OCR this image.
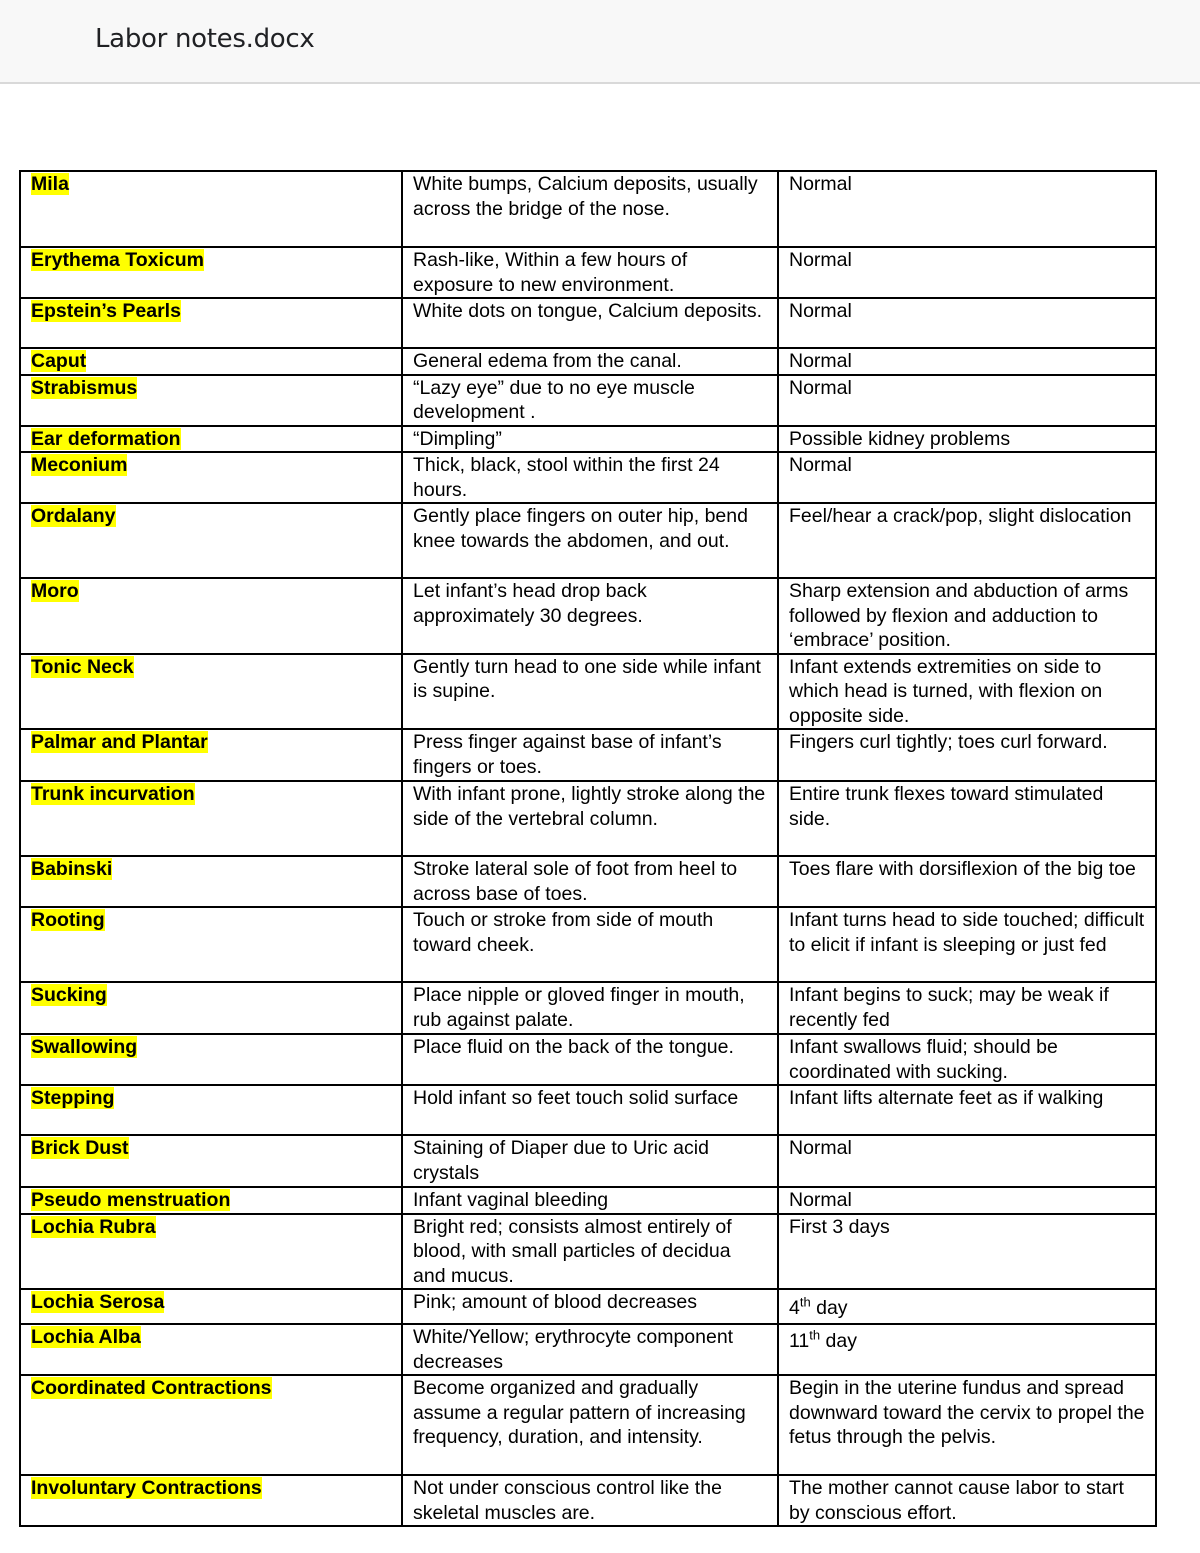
Labor notes.docx
Mila	White bumps, Calcium deposits, usually across the bridge of the nose.	Normal
Erythema Toxicum	Rash-like, Within a few hours of exposure to new environment.	Normal
Epstein’s Pearls	White dots on tongue, Calcium deposits.	Normal
Caput	General edema from the canal.	Normal
Strabismus	“Lazy eye” due to no eye muscle development .	Normal
Ear deformation	“Dimpling”	Possible kidney problems
Meconium	Thick, black, stool within the first 24 hours.	Normal
Ordalany	Gently place fingers on outer hip, bend knee towards the abdomen, and out.	Feel/hear a crack/pop, slight dislocation
Moro	Let infant’s head drop back approximately 30 degrees.	Sharp extension and abduction of arms followed by flexion and adduction to ‘embrace’ position.
Tonic Neck	Gently turn head to one side while infant is supine.	Infant extends extremities on side to which head is turned, with flexion on opposite side.
Palmar and Plantar	Press finger against base of infant’s fingers or toes.	Fingers curl tightly; toes curl forward.
Trunk incurvation	With infant prone, lightly stroke along the side of the vertebral column.	Entire trunk flexes toward stimulated side.
Babinski	Stroke lateral sole of foot from heel to across base of toes.	Toes flare with dorsiflexion of the big toe
Rooting	Touch or stroke from side of mouth toward cheek.	Infant turns head to side touched; difficult to elicit if infant is sleeping or just fed
Sucking	Place nipple or gloved finger in mouth, rub against palate.	Infant begins to suck; may be weak if recently fed
Swallowing	Place fluid on the back of the tongue.	Infant swallows fluid; should be coordinated with sucking.
Stepping	Hold infant so feet touch solid surface	Infant lifts alternate feet as if walking
Brick Dust	Staining of Diaper due to Uric acid crystals	Normal
Pseudo menstruation	Infant vaginal bleeding	Normal
Lochia Rubra	Bright red; consists almost entirely of blood, with small particles of decidua and mucus.	First 3 days
Lochia Serosa	Pink; amount of blood decreases	4th day
Lochia Alba	White/Yellow; erythrocyte component decreases	11th day
Coordinated Contractions	Become organized and gradually assume a regular pattern of increasing frequency, duration, and intensity.	Begin in the uterine fundus and spread downward toward the cervix to propel the fetus through the pelvis.
Involuntary Contractions	Not under conscious control like the skeletal muscles are.	The mother cannot cause labor to start by conscious effort.
